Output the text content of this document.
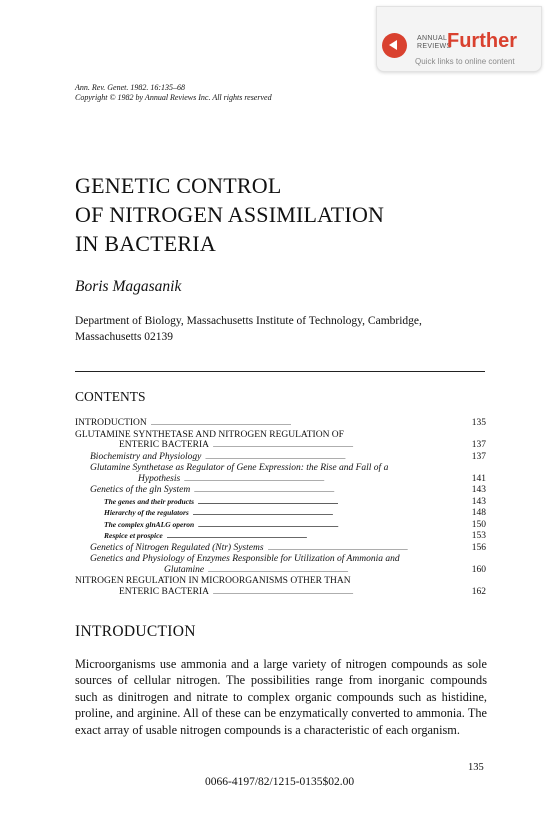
ANNUAL
REVIEWS
Further
Quick links to online content
Ann. Rev. Genet. 1982. 16:135–68
Copyright © 1982 by Annual Reviews Inc. All rights reserved
GENETIC CONTROL
OF NITROGEN ASSIMILATION
IN BACTERIA
Boris Magasanik
Department of Biology, Massachusetts Institute of Technology, Cambridge,
Massachusetts 02139
CONTENTS
INTRODUCTION . . .	135
GLUTAMINE SYNTHETASE AND NITROGEN REGULATION OF
ENTERIC BACTERIA . . .	137
Biochemistry and Physiology . . .	137
Glutamine Synthetase as Regulator of Gene Expression: the Rise and Fall of a
Hypothesis . . .	141
Genetics of the gln System . . .	143
The genes and their products . . .	143
Hierarchy of the regulators . . .	148
The complex glnALG operon . . .	150
Respice et prospice . . .	153
Genetics of Nitrogen Regulated (Ntr) Systems . . .	156
Genetics and Physiology of Enzymes Responsible for Utilization of Ammonia and
Glutamine . . .	160
NITROGEN REGULATION IN MICROORGANISMS OTHER THAN
ENTERIC BACTERIA . . .	162
INTRODUCTION
Microorganisms use ammonia and a large variety of nitrogen compounds as sole sources of cellular nitrogen. The possibilities range from inorganic compounds such as dinitrogen and nitrate to complex organic compounds such as histidine, proline, and arginine. All of these can be enzymatically converted to ammonia. The exact array of usable nitrogen compounds is a characteristic of each organism.
135
0066-4197/82/1215-0135$02.00
